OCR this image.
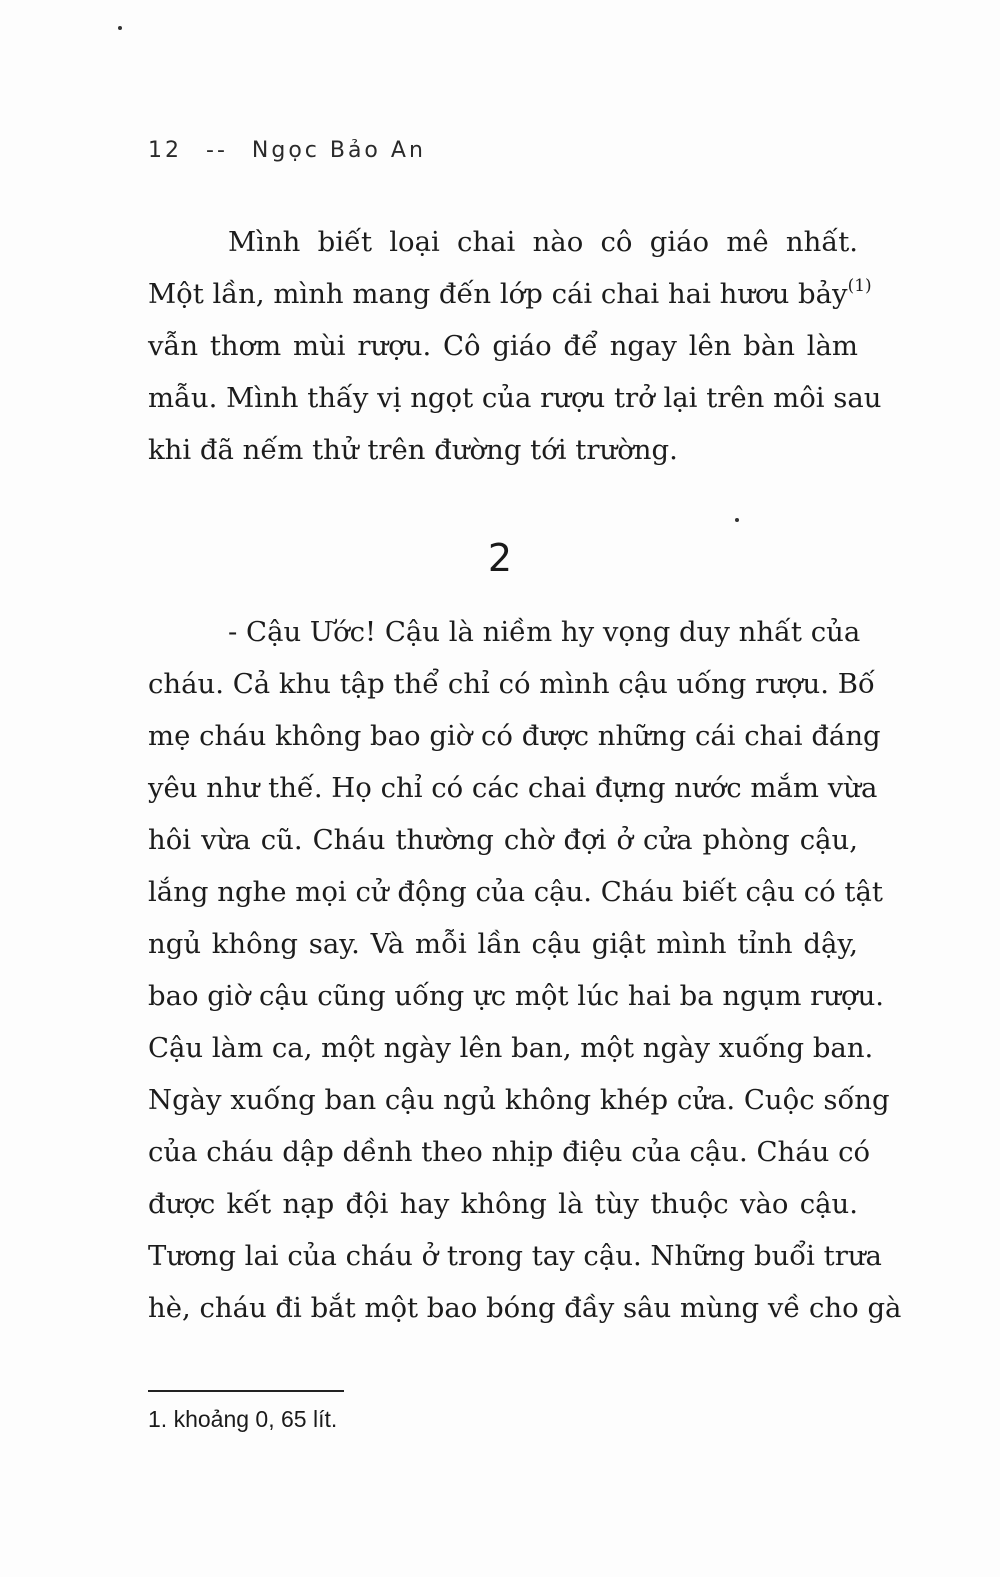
12 -- Ngọc Bảo An
Mình biết loại chai nào cô giáo mê nhất.
Một lần, mình mang đến lớp cái chai hai hươu bảy$^{(1)}$
vẫn thơm mùi rượu. Cô giáo để ngay lên bàn làm
mẫu. Mình thấy vị ngọt của rượu trở lại trên môi sau
khi đã nếm thử trên đường tới trường.
2
- Cậu Ước! Cậu là niềm hy vọng duy nhất của
cháu. Cả khu tập thể chỉ có mình cậu uống rượu. Bố
mẹ cháu không bao giờ có được những cái chai đáng
yêu như thế. Họ chỉ có các chai đựng nước mắm vừa
hôi vừa cũ. Cháu thường chờ đợi ở cửa phòng cậu,
lắng nghe mọi cử động của cậu. Cháu biết cậu có tật
ngủ không say. Và mỗi lần cậu giật mình tỉnh dậy,
bao giờ cậu cũng uống ực một lúc hai ba ngụm rượu.
Cậu làm ca, một ngày lên ban, một ngày xuống ban.
Ngày xuống ban cậu ngủ không khép cửa. Cuộc sống
của cháu dập dềnh theo nhịp điệu của cậu. Cháu có
được kết nạp đội hay không là tùy thuộc vào cậu.
Tương lai của cháu ở trong tay cậu. Những buổi trưa
hè, cháu đi bắt một bao bóng đầy sâu mùng về cho gà
1. khoảng 0, 65 lít.
